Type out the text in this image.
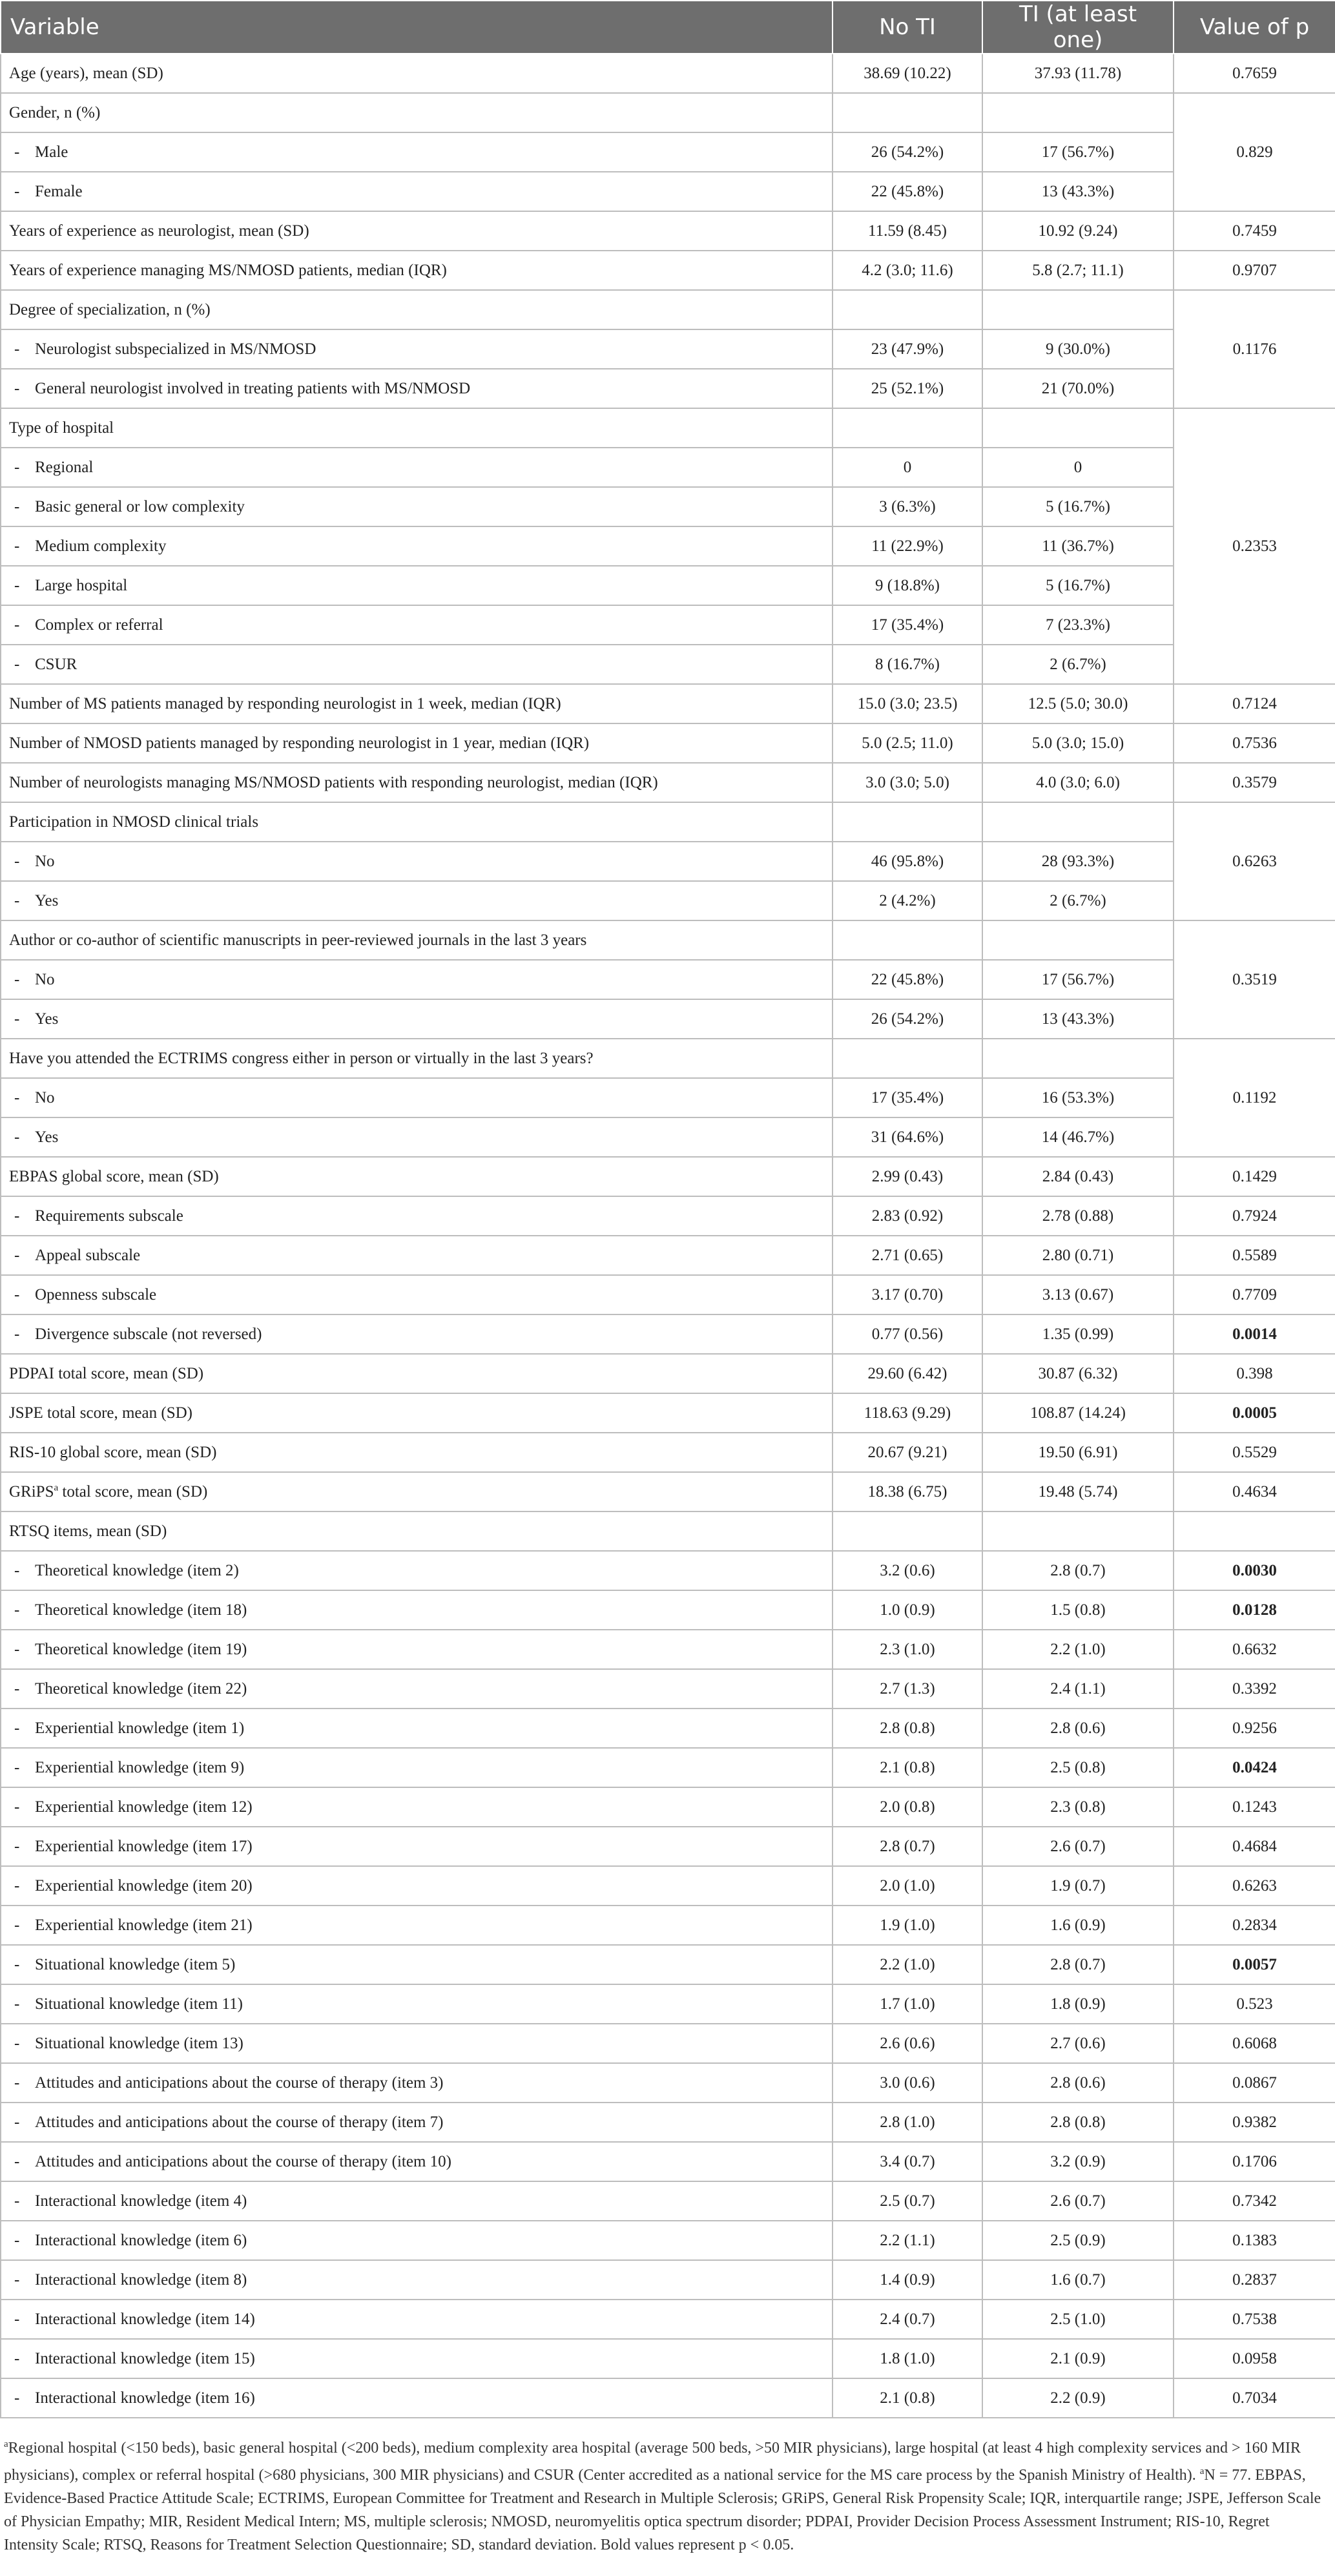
Variable	No TI	TI (at least one)	Value of p
Age (years), mean (SD)	38.69 (10.22)	37.93 (11.78)	0.7659
Gender, n (%)			0.829
- Male	26 (54.2%)	17 (56.7%)	
- Female	22 (45.8%)	13 (43.3%)	
Years of experience as neurologist, mean (SD)	11.59 (8.45)	10.92 (9.24)	0.7459
Years of experience managing MS/NMOSD patients, median (IQR)	4.2 (3.0; 11.6)	5.8 (2.7; 11.1)	0.9707
Degree of specialization, n (%)			0.1176
- Neurologist subspecialized in MS/NMOSD	23 (47.9%)	9 (30.0%)	
- General neurologist involved in treating patients with MS/NMOSD	25 (52.1%)	21 (70.0%)	
Type of hospital			0.2353
- Regional	0	0	
- Basic general or low complexity	3 (6.3%)	5 (16.7%)	
- Medium complexity	11 (22.9%)	11 (36.7%)	
- Large hospital	9 (18.8%)	5 (16.7%)	
- Complex or referral	17 (35.4%)	7 (23.3%)	
- CSUR	8 (16.7%)	2 (6.7%)	
Number of MS patients managed by responding neurologist in 1 week, median (IQR)	15.0 (3.0; 23.5)	12.5 (5.0; 30.0)	0.7124
Number of NMOSD patients managed by responding neurologist in 1 year, median (IQR)	5.0 (2.5; 11.0)	5.0 (3.0; 15.0)	0.7536
Number of neurologists managing MS/NMOSD patients with responding neurologist, median (IQR)	3.0 (3.0; 5.0)	4.0 (3.0; 6.0)	0.3579
Participation in NMOSD clinical trials			0.6263
- No	46 (95.8%)	28 (93.3%)	
- Yes	2 (4.2%)	2 (6.7%)	
Author or co-author of scientific manuscripts in peer-reviewed journals in the last 3 years			0.3519
- No	22 (45.8%)	17 (56.7%)	
- Yes	26 (54.2%)	13 (43.3%)	
Have you attended the ECTRIMS congress either in person or virtually in the last 3 years?			0.1192
- No	17 (35.4%)	16 (53.3%)	
- Yes	31 (64.6%)	14 (46.7%)	
EBPAS global score, mean (SD)	2.99 (0.43)	2.84 (0.43)	0.1429
- Requirements subscale	2.83 (0.92)	2.78 (0.88)	0.7924
- Appeal subscale	2.71 (0.65)	2.80 (0.71)	0.5589
- Openness subscale	3.17 (0.70)	3.13 (0.67)	0.7709
- Divergence subscale (not reversed)	0.77 (0.56)	1.35 (0.99)	0.0014
PDPAI total score, mean (SD)	29.60 (6.42)	30.87 (6.32)	0.398
JSPE total score, mean (SD)	118.63 (9.29)	108.87 (14.24)	0.0005
RIS-10 global score, mean (SD)	20.67 (9.21)	19.50 (6.91)	0.5529
GRiPS$^a$ total score, mean (SD)	18.38 (6.75)	19.48 (5.74)	0.4634
RTSQ items, mean (SD)			
- Theoretical knowledge (item 2)	3.2 (0.6)	2.8 (0.7)	0.0030
- Theoretical knowledge (item 18)	1.0 (0.9)	1.5 (0.8)	0.0128
- Theoretical knowledge (item 19)	2.3 (1.0)	2.2 (1.0)	0.6632
- Theoretical knowledge (item 22)	2.7 (1.3)	2.4 (1.1)	0.3392
- Experiential knowledge (item 1)	2.8 (0.8)	2.8 (0.6)	0.9256
- Experiential knowledge (item 9)	2.1 (0.8)	2.5 (0.8)	0.0424
- Experiential knowledge (item 12)	2.0 (0.8)	2.3 (0.8)	0.1243
- Experiential knowledge (item 17)	2.8 (0.7)	2.6 (0.7)	0.4684
- Experiential knowledge (item 20)	2.0 (1.0)	1.9 (0.7)	0.6263
- Experiential knowledge (item 21)	1.9 (1.0)	1.6 (0.9)	0.2834
- Situational knowledge (item 5)	2.2 (1.0)	2.8 (0.7)	0.0057
- Situational knowledge (item 11)	1.7 (1.0)	1.8 (0.9)	0.523
- Situational knowledge (item 13)	2.6 (0.6)	2.7 (0.6)	0.6068
- Attitudes and anticipations about the course of therapy (item 3)	3.0 (0.6)	2.8 (0.6)	0.0867
- Attitudes and anticipations about the course of therapy (item 7)	2.8 (1.0)	2.8 (0.8)	0.9382
- Attitudes and anticipations about the course of therapy (item 10)	3.4 (0.7)	3.2 (0.9)	0.1706
- Interactional knowledge (item 4)	2.5 (0.7)	2.6 (0.7)	0.7342
- Interactional knowledge (item 6)	2.2 (1.1)	2.5 (0.9)	0.1383
- Interactional knowledge (item 8)	1.4 (0.9)	1.6 (0.7)	0.2837
- Interactional knowledge (item 14)	2.4 (0.7)	2.5 (1.0)	0.7538
- Interactional knowledge (item 15)	1.8 (1.0)	2.1 (0.9)	0.0958
- Interactional knowledge (item 16)	2.1 (0.8)	2.2 (0.9)	0.7034

$^a$Regional hospital (<150 beds), basic general hospital (<200 beds), medium complexity area hospital (average 500 beds, >50 MIR physicians), large hospital (at least 4 high complexity services and > 160 MIR physicians), complex or referral hospital (>680 physicians, 300 MIR physicians) and CSUR (Center accredited as a national service for the MS care process by the Spanish Ministry of Health). $^a$N = 77. EBPAS, Evidence-Based Practice Attitude Scale; ECTRIMS, European Committee for Treatment and Research in Multiple Sclerosis; GRiPS, General Risk Propensity Scale; IQR, interquartile range; JSPE, Jefferson Scale of Physician Empathy; MIR, Resident Medical Intern; MS, multiple sclerosis; NMOSD, neuromyelitis optica spectrum disorder; PDPAI, Provider Decision Process Assessment Instrument; RIS-10, Regret Intensity Scale; RTSQ, Reasons for Treatment Selection Questionnaire; SD, standard deviation. Bold values represent p < 0.05.
